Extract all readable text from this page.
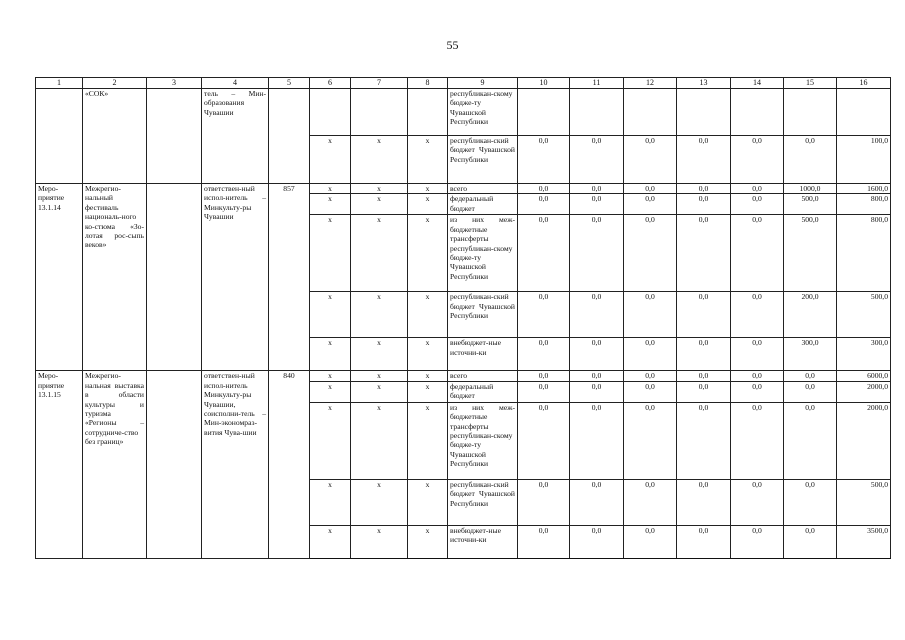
55
1	2	3	4	5	6	7	8	9	10	11	12	13	14	15	16
	«СОК»		тель – Мин-образования Чувашии					республикан-скому бюдже-ту Чувашской Республики							
					х	х	х	республикан-ский бюджет Чувашской Республики	0,0	0,0	0,0	0,0	0,0	0,0	100,0
Меро-приятие 13.1.14	Межрегио-нальный фестиваль националь-ного ко-стюма «Зо-лотая рос-сыпь веков»		ответствен-ный испол-нитель – Минкульту-ры Чувашии	857	х	х	х	всего	0,0	0,0	0,0	0,0	0,0	1000,0	1600,0
					х	х	х	федеральный бюджет	0,0	0,0	0,0	0,0	0,0	500,0	800,0
					х	х	х	из них меж-бюджетные трансферты республикан-скому бюдже-ту Чувашской Республики	0,0	0,0	0,0	0,0	0,0	500,0	800,0
					х	х	х	республикан-ский бюджет Чувашской Республики	0,0	0,0	0,0	0,0	0,0	200,0	500,0
					х	х	х	внебюджет-ные источни-ки	0,0	0,0	0,0	0,0	0,0	300,0	300,0
Меро-приятие 13.1.15	Межрегио-нальная выставка в области культуры и туризма «Регионы – сотрудниче-ство без границ»		ответствен-ный испол-нитель Минкульту-ры Чувашии, соисполни-тель – Мин-экономраз-вития Чува-шии	840	х	х	х	всего	0,0	0,0	0,0	0,0	0,0	0,0	6000,0
					х	х	х	федеральный бюджет	0,0	0,0	0,0	0,0	0,0	0,0	2000,0
					х	х	х	из них меж-бюджетные трансферты республикан-скому бюдже-ту Чувашской Республики	0,0	0,0	0,0	0,0	0,0	0,0	2000,0
					х	х	х	республикан-ский бюджет Чувашской Республики	0,0	0,0	0,0	0,0	0,0	0,0	500,0
					х	х	х	внебюджет-ные источни-ки	0,0	0,0	0,0	0,0	0,0	0,0	3500,0
